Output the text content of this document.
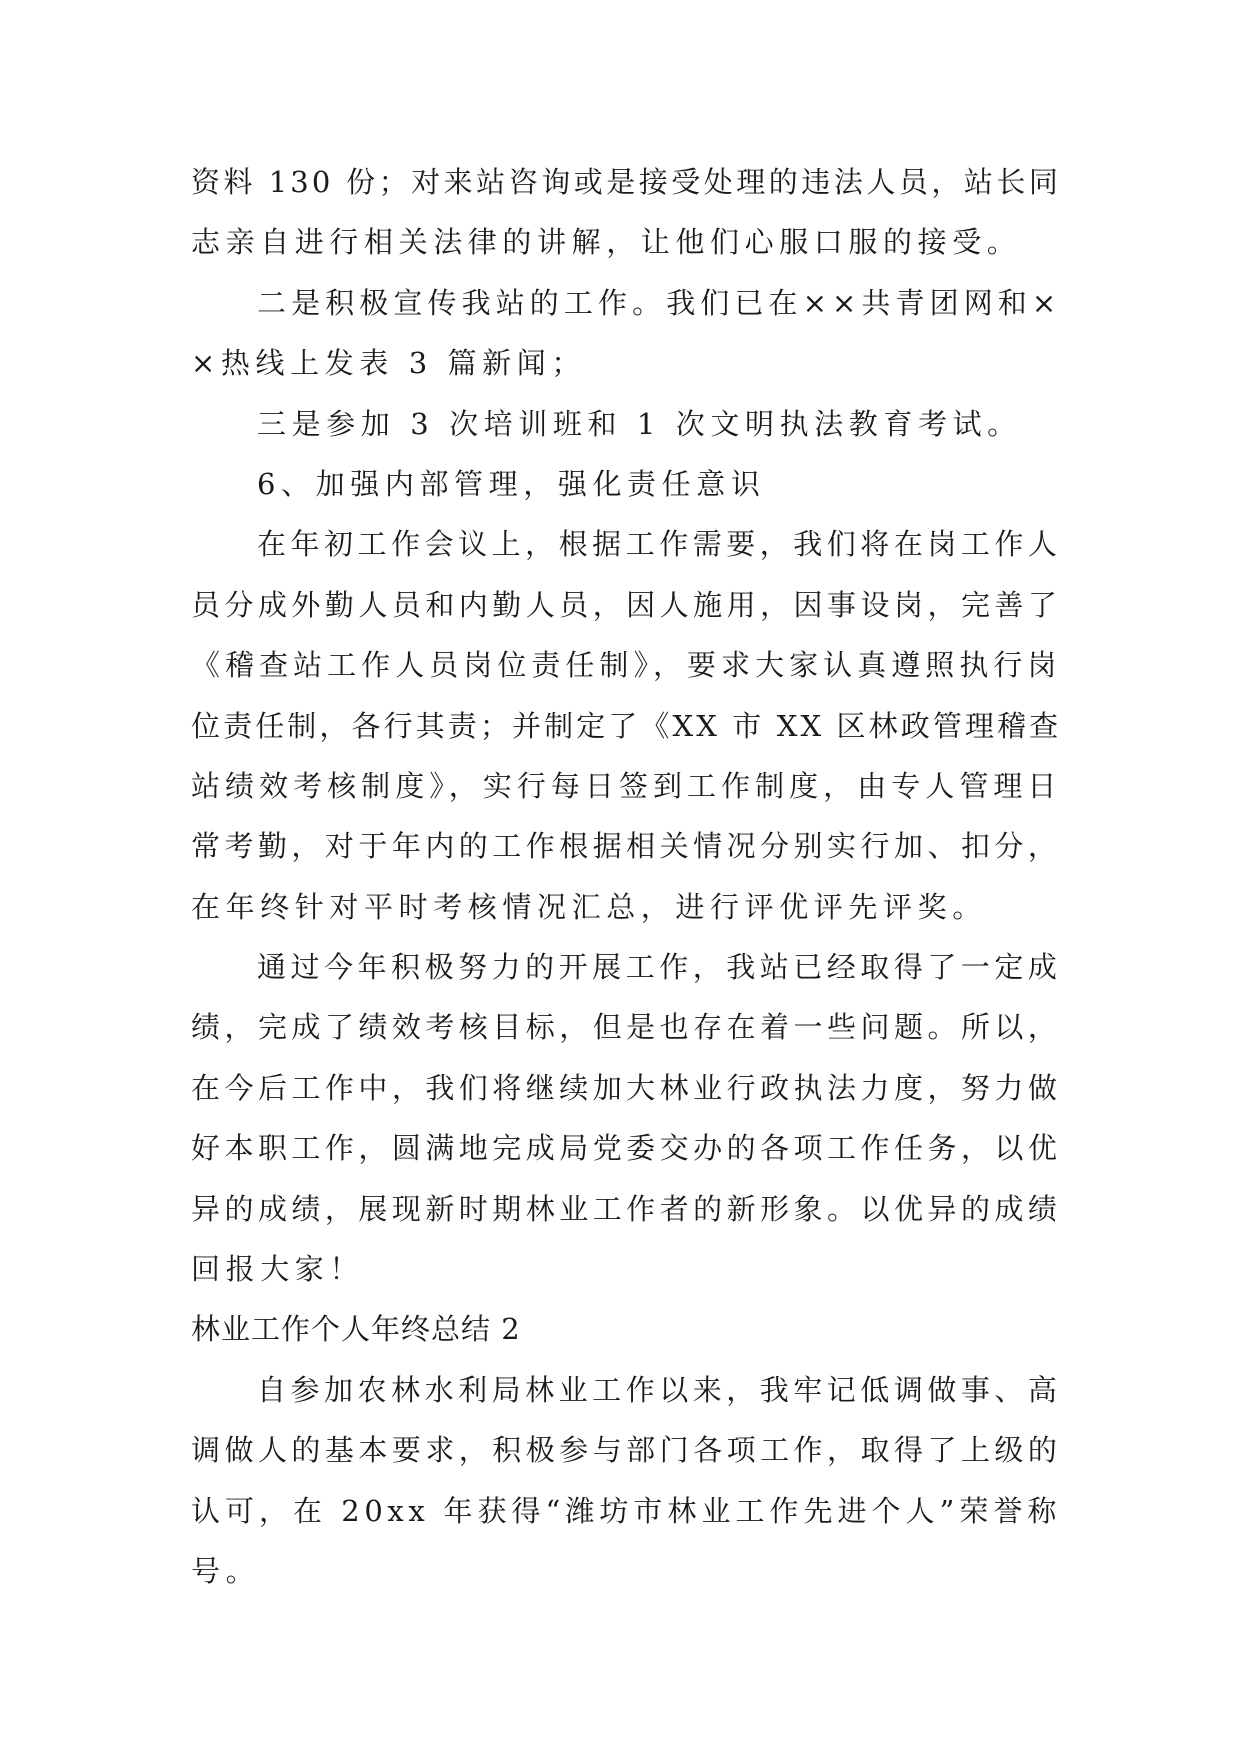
资料 130 份；对来站咨询或是接受处理的违法人员，站长同
志亲自进行相关法律的讲解，让他们心服口服的接受。
二是积极宣传我站的工作。我们已在××共青团网和×
×热线上发表 3 篇新闻；
三是参加 3 次培训班和 1 次文明执法教育考试。
6、加强内部管理，强化责任意识
在年初工作会议上，根据工作需要，我们将在岗工作人
员分成外勤人员和内勤人员，因人施用，因事设岗，完善了
《稽查站工作人员岗位责任制》，要求大家认真遵照执行岗
位责任制，各行其责；并制定了《XX 市 XX 区林政管理稽查
站绩效考核制度》，实行每日签到工作制度，由专人管理日
常考勤，对于年内的工作根据相关情况分别实行加、扣分，
在年终针对平时考核情况汇总，进行评优评先评奖。
通过今年积极努力的开展工作，我站已经取得了一定成
绩，完成了绩效考核目标，但是也存在着一些问题。所以，
在今后工作中，我们将继续加大林业行政执法力度，努力做
好本职工作，圆满地完成局党委交办的各项工作任务，以优
异的成绩，展现新时期林业工作者的新形象。以优异的成绩
回报大家！
林业工作个人年终总结 2
自参加农林水利局林业工作以来，我牢记低调做事、高
调做人的基本要求，积极参与部门各项工作，取得了上级的
认可，在 20xx 年获得“潍坊市林业工作先进个人”荣誉称
号。
